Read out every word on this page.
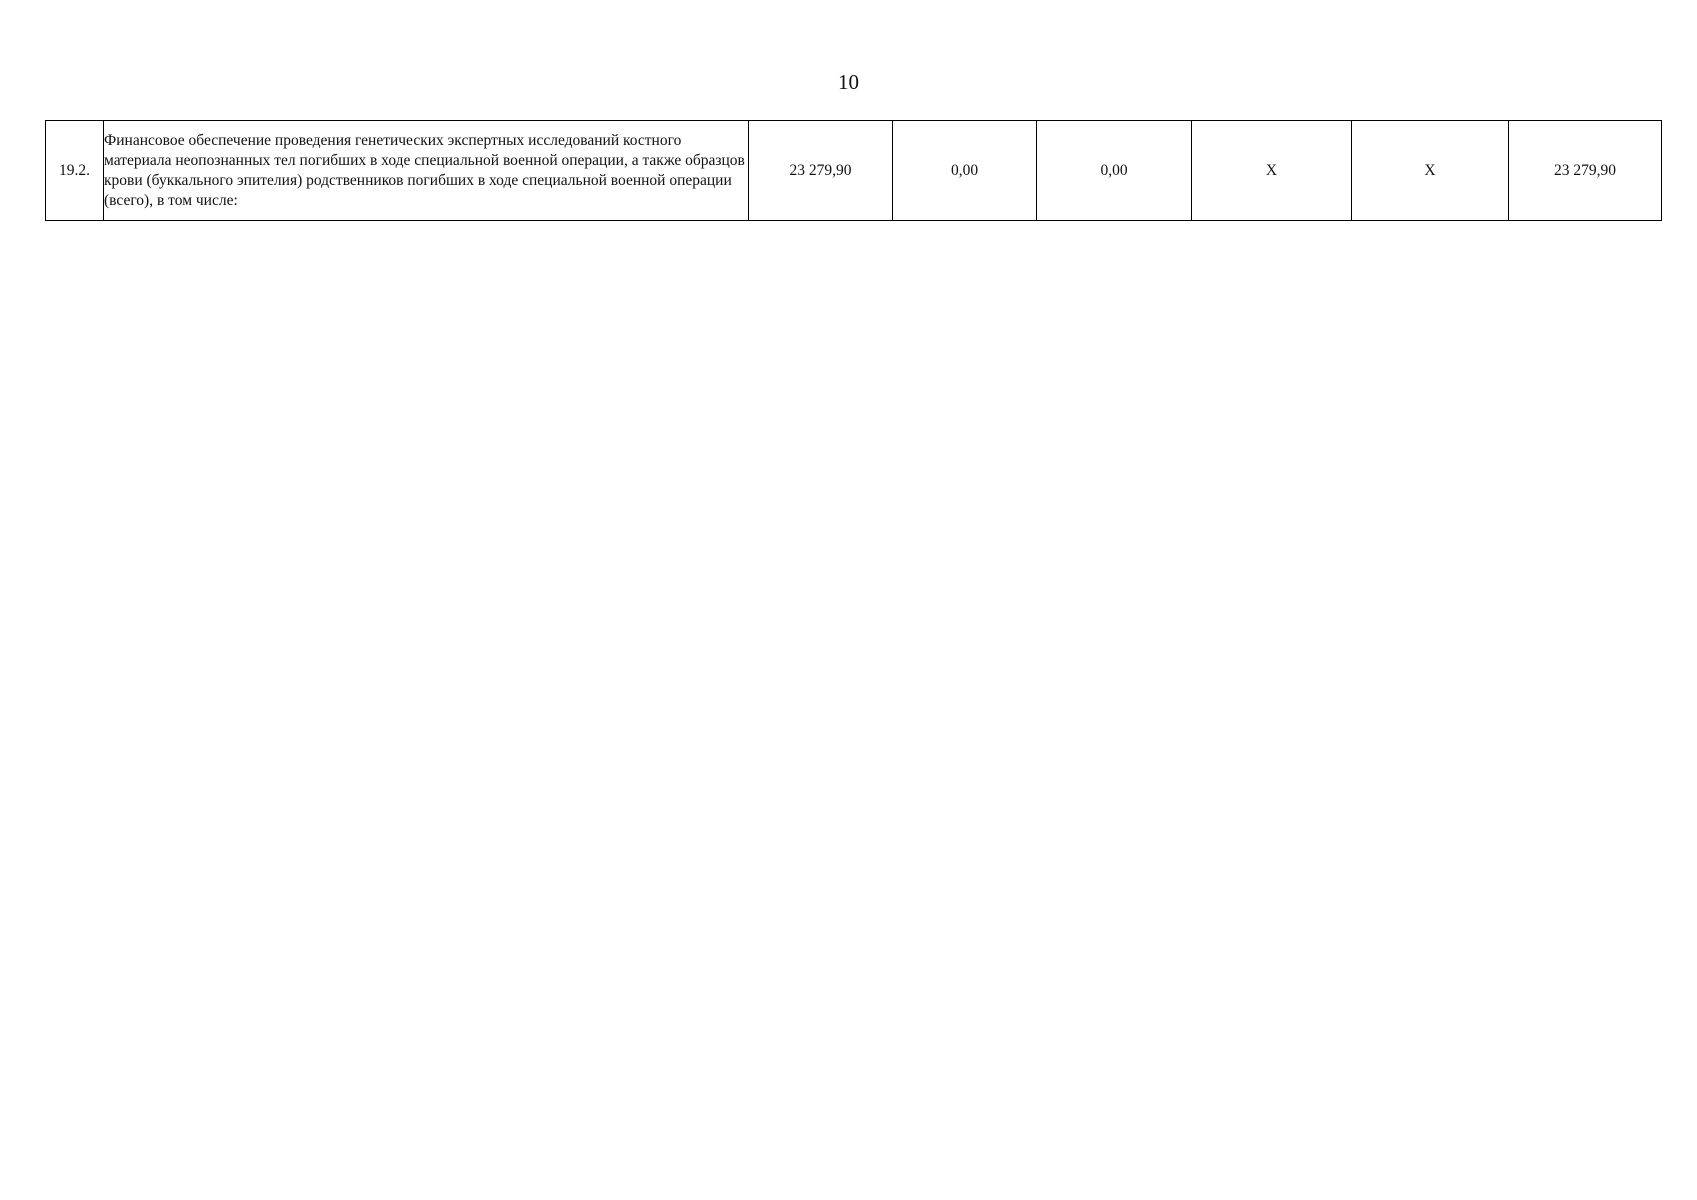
10
19.2.	Финансовое обеспечение проведения генетических экспертных исследований костного материала неопознанных тел погибших в ходе специальной военной операции, а также образцов крови (буккального эпителия) родственников погибших в ходе специальной военной операции (всего), в том числе:	23 279,90	0,00	0,00	Х	Х	23 279,90
